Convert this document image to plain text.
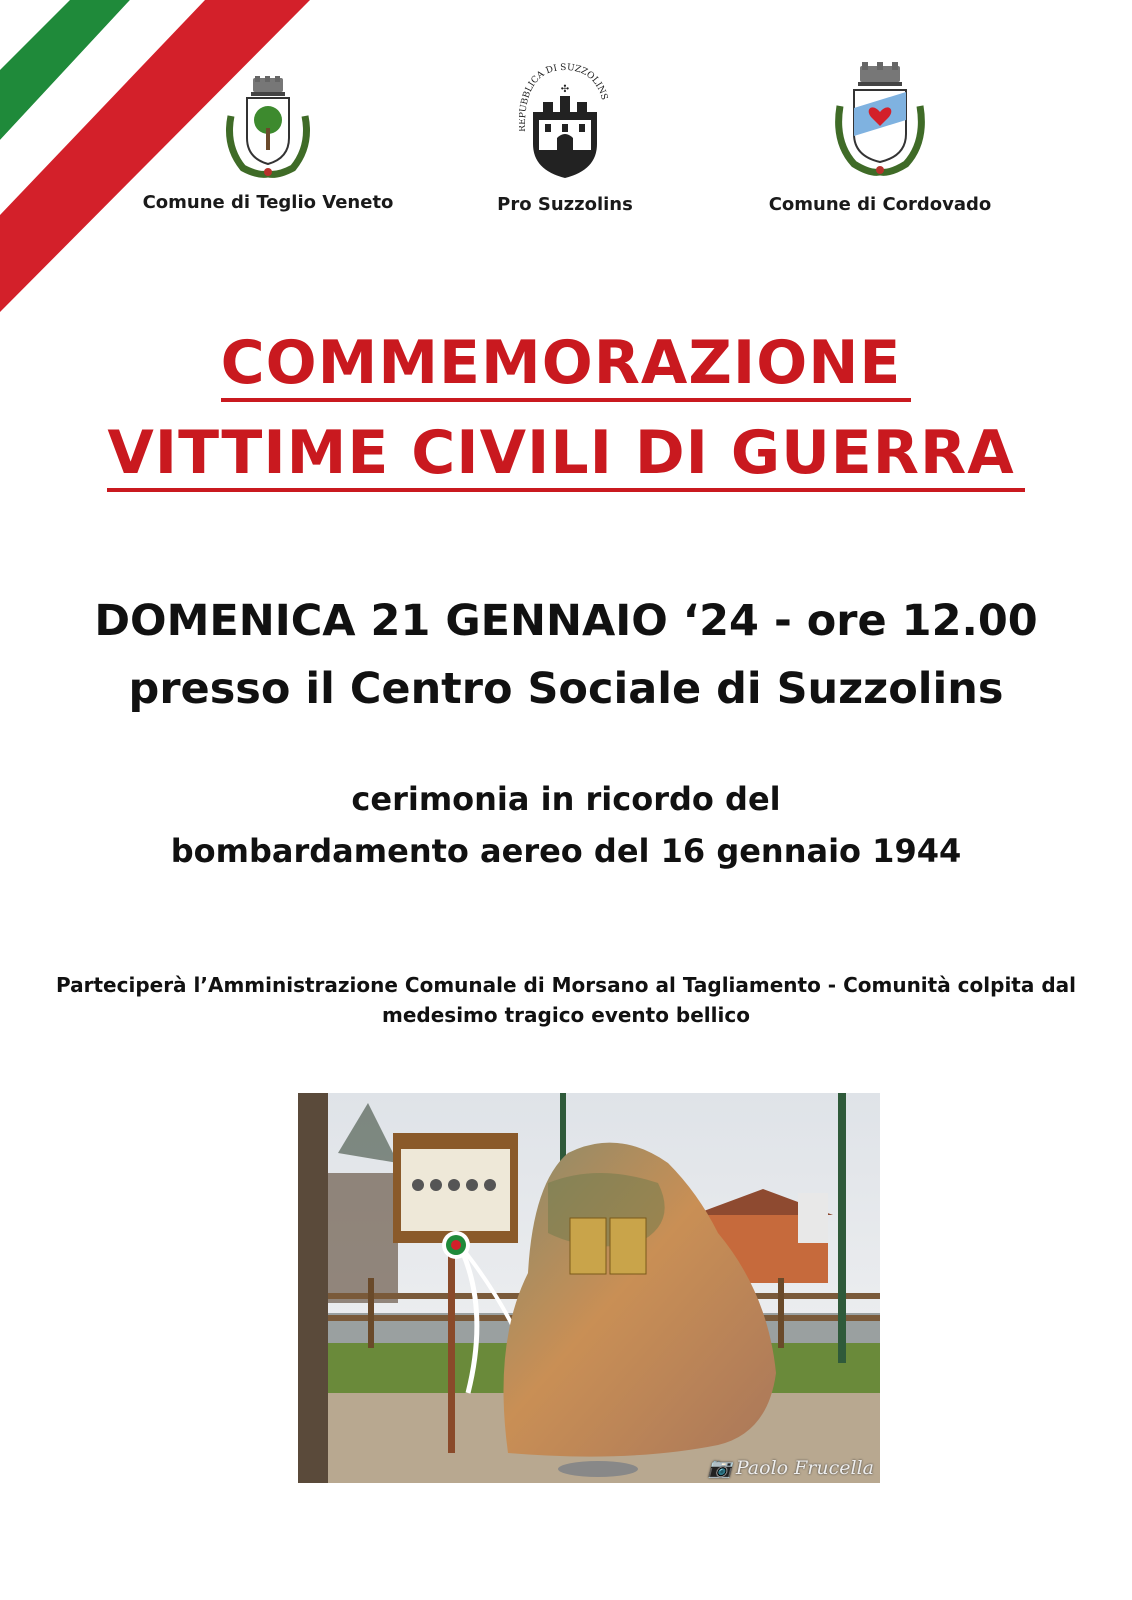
Comune di Teglio Veneto
PUBBLICA DI SUZZOLINS
✣
Pro Suzzolins	Comune di Cordovado
COMMEMORAZIONE
VITTIME CIVILI DI GUERRA
DOMENICA 21 GENNAIO ‘24 - ore 12.00
presso il Centro Sociale di Suzzolins
cerimonia in ricordo del
bombardamento aereo del 16 gennaio 1944
Parteciperà l’Amministrazione Comunale di Morsano al Tagliamento - Comunità colpita dal medesimo tragico evento bellico
📷 Paolo Frucella
